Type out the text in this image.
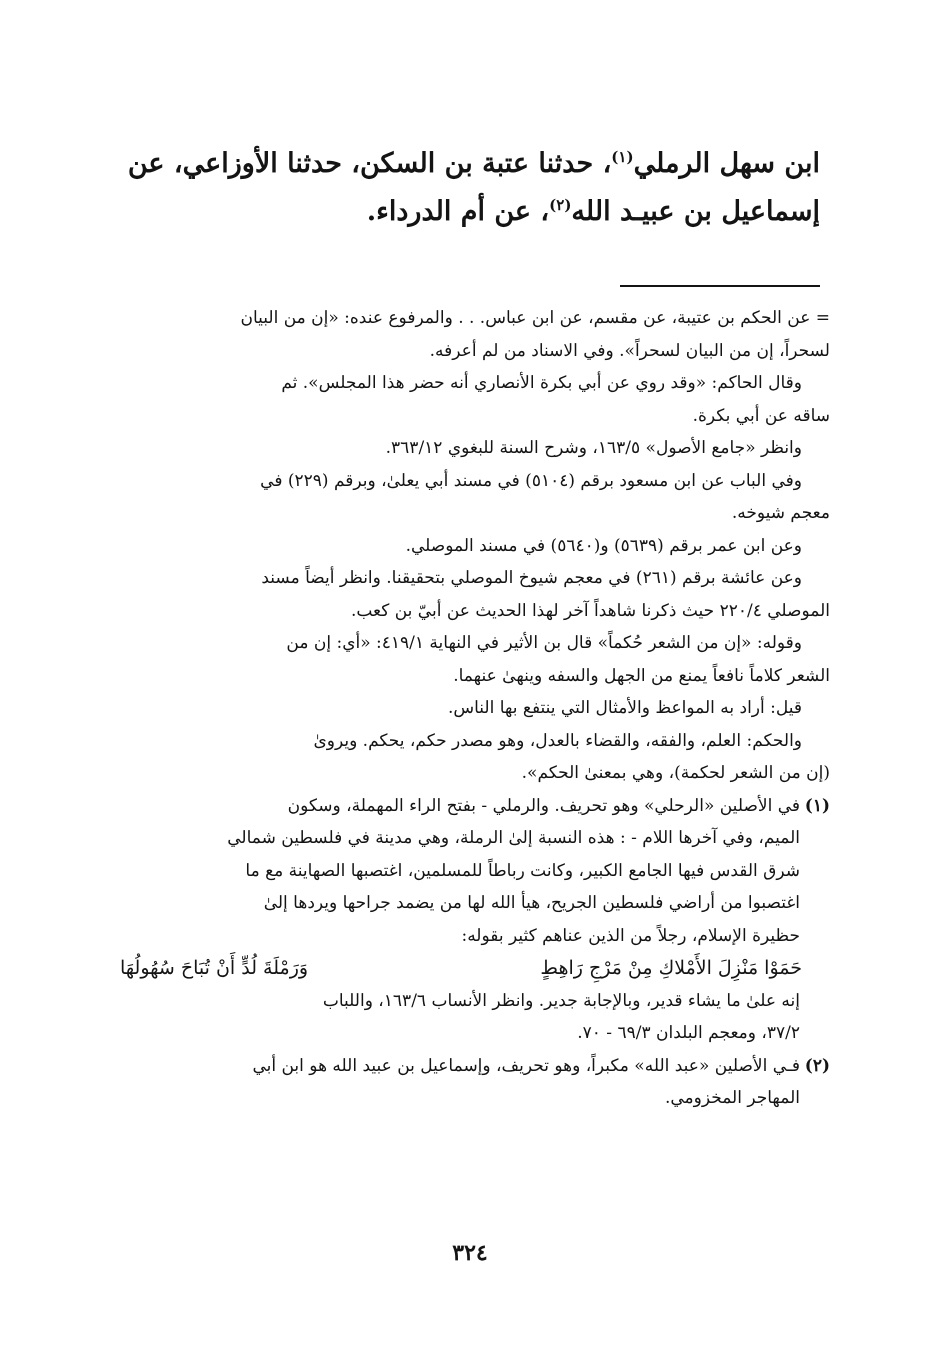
ابن سهل الرملي$^{(١)}$، حدثنا عتبة بن السكن، حدثنا الأوزاعي، عن
إسماعيل بن عبيـد الله$^{(٢)}$، عن أم الدرداء.
= عن الحكم بن عتيبة، عن مقسم، عن ابن عباس. . . والمرفوع عنده: «إن من البيان
لسحراً، إن من البيان لسحراً». وفي الاسناد من لم أعرفه.
وقال الحاكم: «وقد روي عن أبي بكرة الأنصاري أنه حضر هذا المجلس». ثم
ساقه عن أبي بكرة.
وانظر «جامع الأصول» ١٦٣/٥، وشرح السنة للبغوي ٣٦٣/١٢.
وفي الباب عن ابن مسعود برقم (٥١٠٤) في مسند أبي يعلىٰ، وبرقم (٢٢٩) في
معجم شيوخه.
وعن ابن عمر برقم (٥٦٣٩) و(٥٦٤٠) في مسند الموصلي.
وعن عائشة برقم (٢٦١) في معجم شيوخ الموصلي بتحقيقنا. وانظر أيضاً مسند
الموصلي ٢٢٠/٤ حيث ذكرنا شاهداً آخر لهذا الحديث عن أبيّ بن كعب.
وقوله: «إن من الشعر حُكماً» قال بن الأثير في النهاية ٤١٩/١: «أي: إن من
الشعر كلاماً نافعاً يمنع من الجهل والسفه وينهىٰ عنهما.
قيل: أراد به المواعظ والأمثال التي ينتفع بها الناس.
والحكم: العلم، والفقه، والقضاء بالعدل، وهو مصدر حكم، يحكم. ويروىٰ
(إن من الشعر لحكمة)، وهي بمعنىٰ الحكم».
(١)في الأصلين «الرحلي» وهو تحريف. والرملي - بفتح الراء المهملة، وسكون
الميم، وفي آخرها اللام - : هذه النسبة إلىٰ الرملة، وهي مدينة في فلسطين شمالي
شرق القدس فيها الجامع الكبير، وكانت رباطاً للمسلمين، اغتصبها الصهاينة مع ما
اغتصبوا من أراضي فلسطين الجريح، هيأ الله لها من يضمد جراحها ويردها إلىٰ
حظيرة الإسلام، رجلاً من الذين عناهم كثير بقوله:
حَمَوْا مَنْزِلَ الأَمْلاكِ مِنْ مَرْجِ رَاهِطٍ
وَرَمْلَةَ لُدٍّ أَنْ تُبَاحَ سُهُولُهَا
إنه علىٰ ما يشاء قدير، وبالإجابة جدير. وانظر الأنساب ١٦٣/٦، واللباب
٣٧/٢، ومعجم البلدان ٦٩/٣ - ٧٠.
(٢)فـي الأصلين «عبد الله» مكبراً، وهو تحريف، وإسماعيل بن عبيد الله هو ابن أبي
المهاجر المخزومي.
٣٢٤
